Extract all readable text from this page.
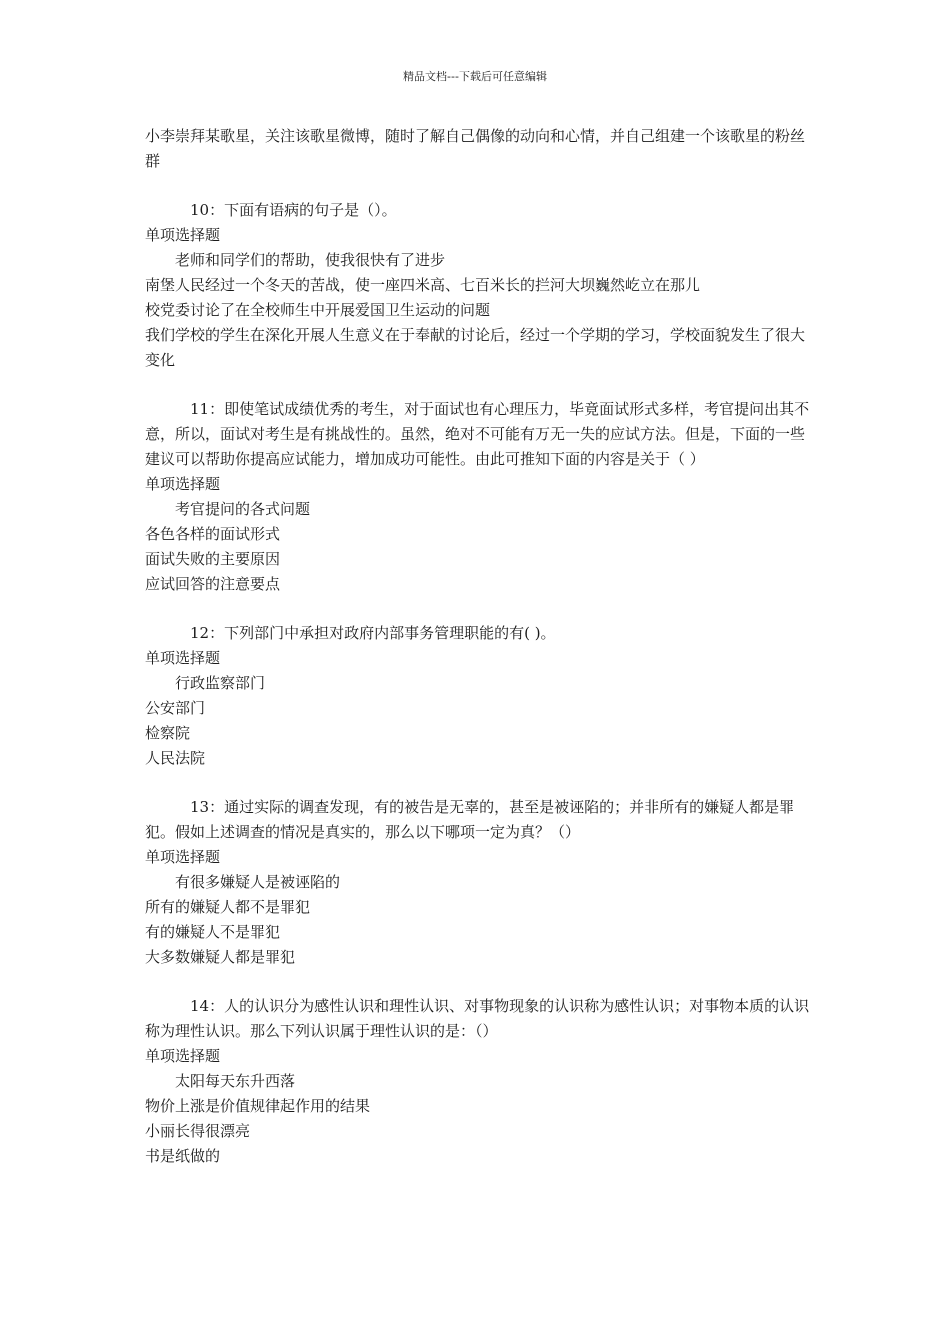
精品文档---下载后可任意编辑

小李崇拜某歌星，关注该歌星微博，随时了解自己偶像的动向和心情，并自己组建一个该歌星的粉丝群

10：下面有语病的句子是（）。

单项选择题

老师和同学们的帮助，使我很快有了进步

南堡人民经过一个冬天的苦战，使一座四米高、七百米长的拦河大坝巍然屹立在那儿

校党委讨论了在全校师生中开展爱国卫生运动的问题

我们学校的学生在深化开展人生意义在于奉献的讨论后，经过一个学期的学习，学校面貌发生了很大变化

11：即使笔试成绩优秀的考生，对于面试也有心理压力，毕竟面试形式多样，考官提问出其不意，所以，面试对考生是有挑战性的。虽然，绝对不可能有万无一失的应试方法。但是，下面的一些建议可以帮助你提高应试能力，增加成功可能性。由此可推知下面的内容是关于（ ）

单项选择题

考官提问的各式问题

各色各样的面试形式

面试失败的主要原因

应试回答的注意要点

12：下列部门中承担对政府内部事务管理职能的有( )。

单项选择题

行政监察部门

公安部门

检察院

人民法院

13：通过实际的调查发现，有的被告是无辜的，甚至是被诬陷的；并非所有的嫌疑人都是罪犯。假如上述调查的情况是真实的，那么以下哪项一定为真？（）

单项选择题

有很多嫌疑人是被诬陷的

所有的嫌疑人都不是罪犯

有的嫌疑人不是罪犯

大多数嫌疑人都是罪犯

14：人的认识分为感性认识和理性认识、对事物现象的认识称为感性认识；对事物本质的认识称为理性认识。那么下列认识属于理性认识的是：（）

单项选择题

太阳每天东升西落

物价上涨是价值规律起作用的结果

小丽长得很漂亮

书是纸做的
